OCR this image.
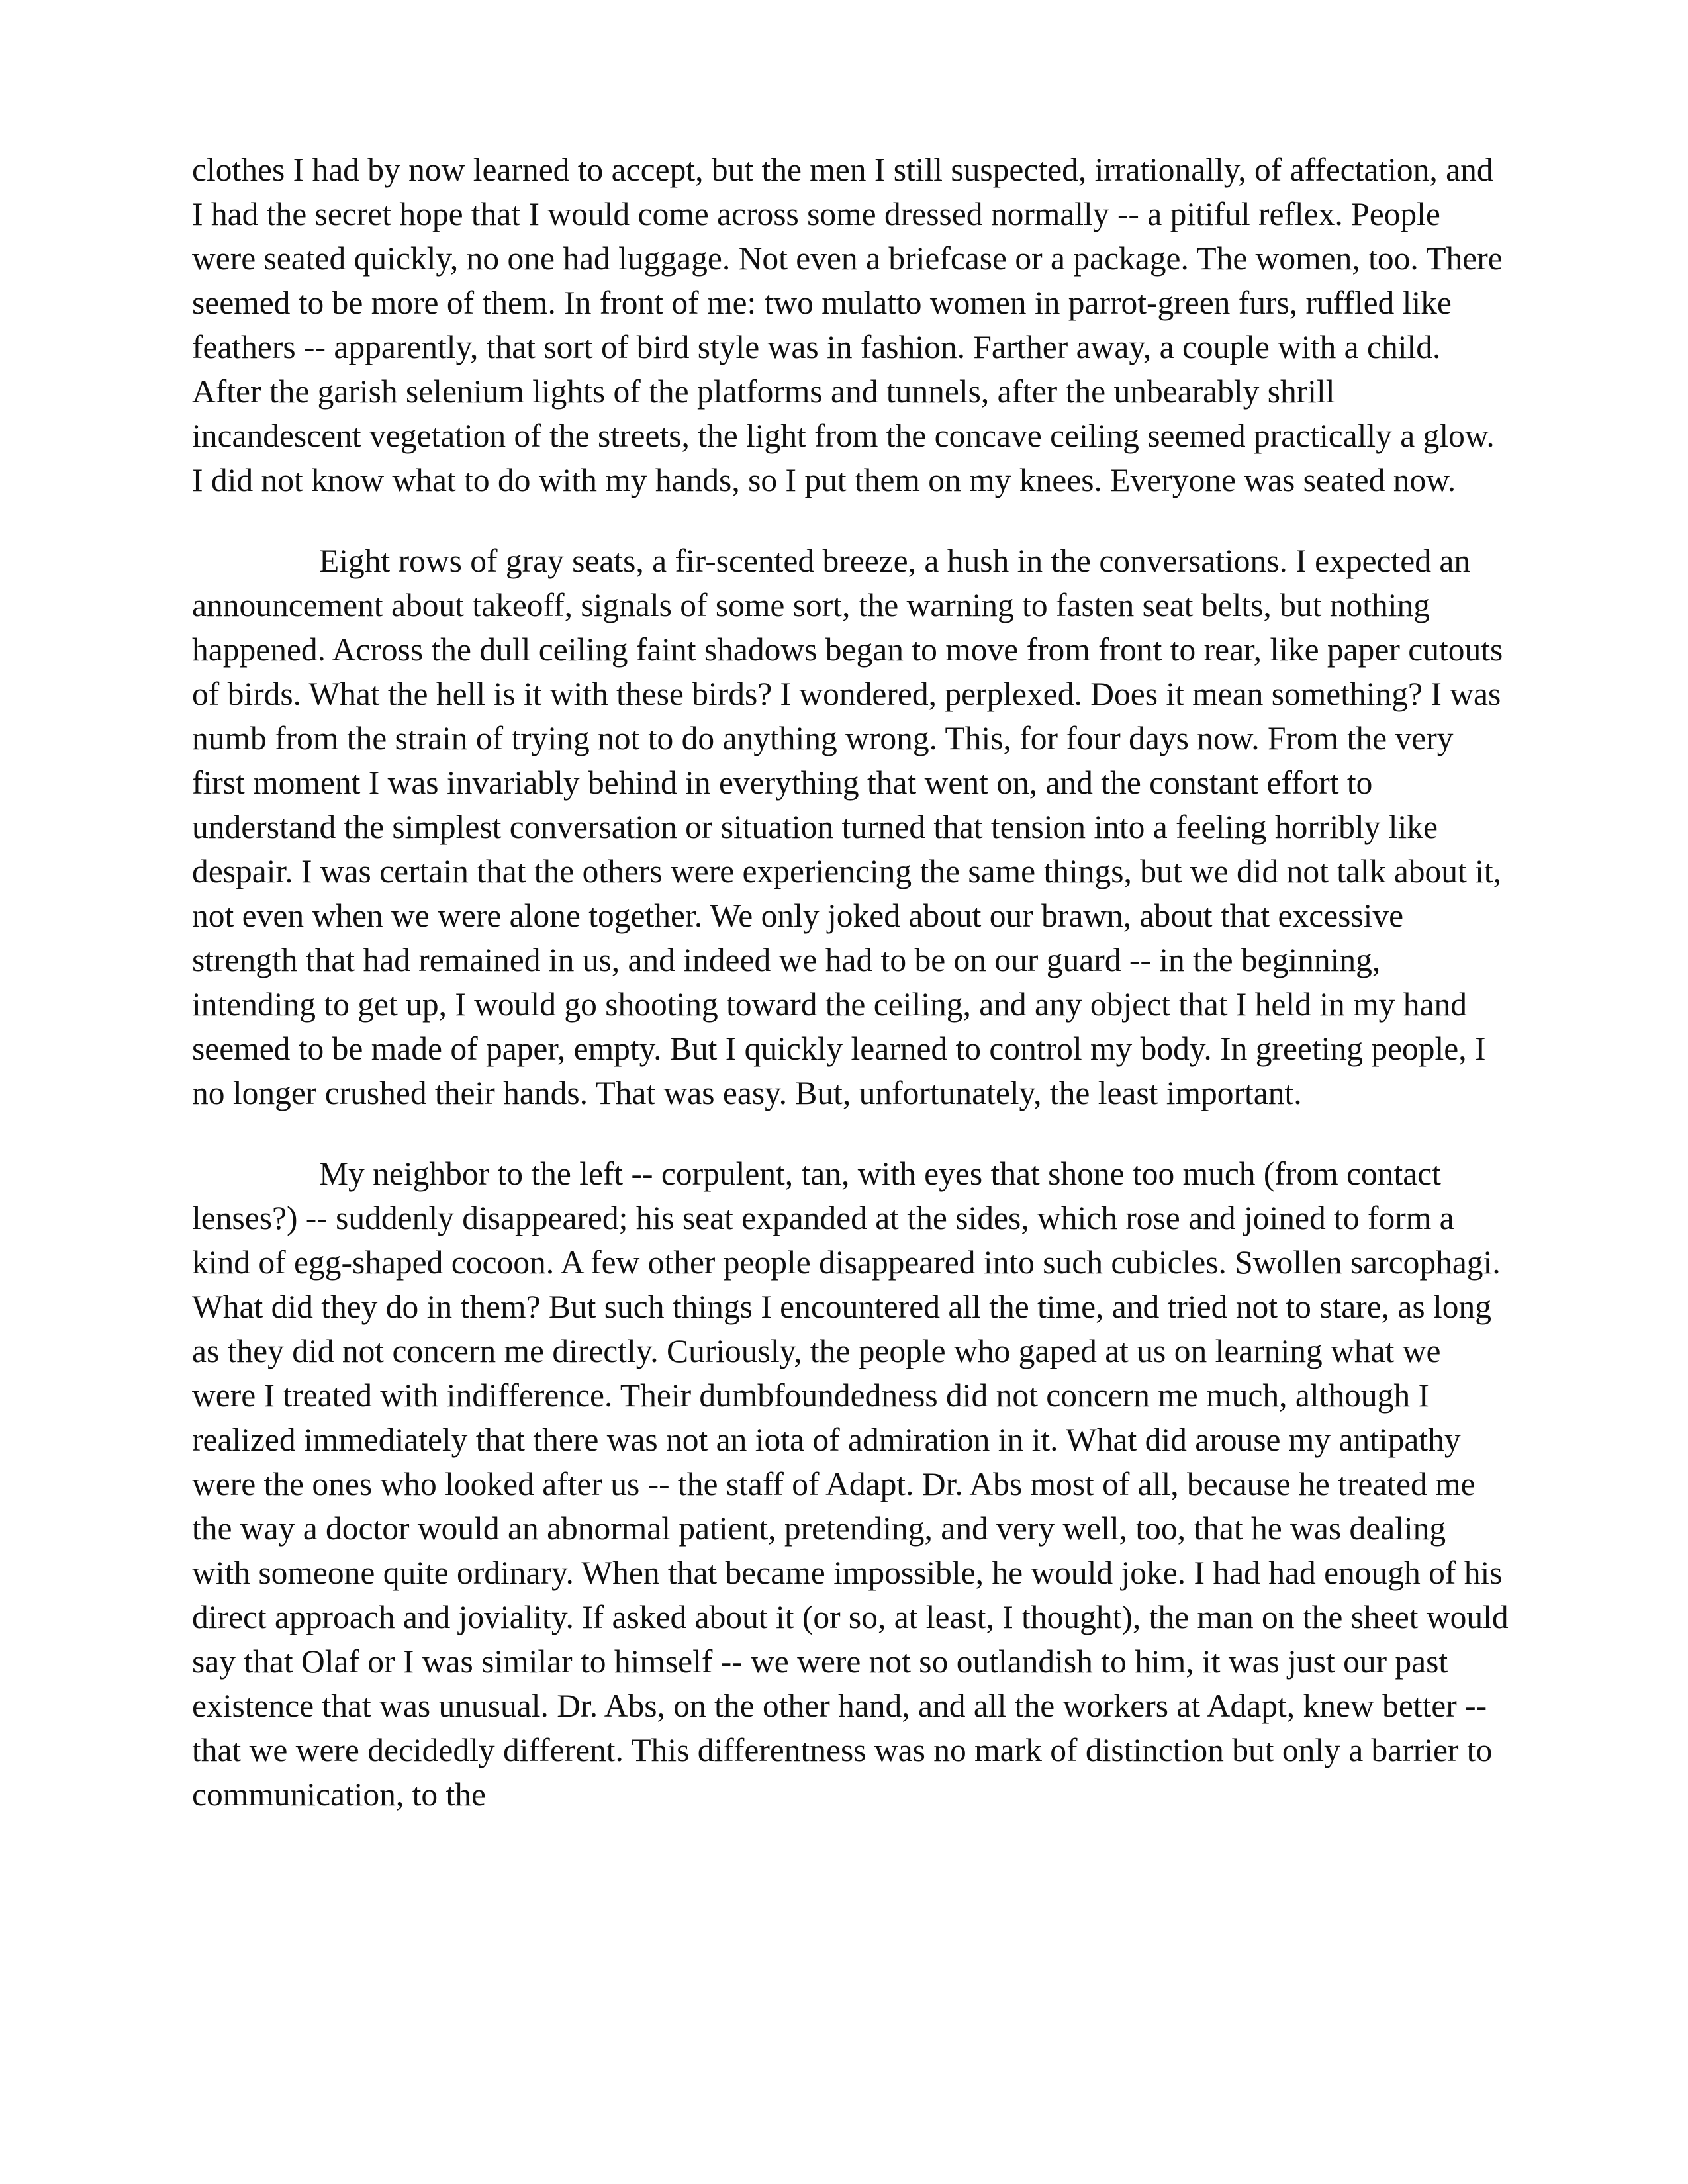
clothes I had by now learned to accept, but the men I still suspected, irrationally, of affectation, and I had the secret hope that I would come across some dressed normally -- a pitiful reflex. People were seated quickly, no one had luggage. Not even a briefcase or a package. The women, too. There seemed to be more of them. In front of me: two mulatto women in parrot-green furs, ruffled like feathers -- apparently, that sort of bird style was in fashion. Farther away, a couple with a child. After the garish selenium lights of the platforms and tunnels, after the unbearably shrill incandescent vegetation of the streets, the light from the concave ceiling seemed practically a glow. I did not know what to do with my hands, so I put them on my knees. Everyone was seated now.

Eight rows of gray seats, a fir-scented breeze, a hush in the conversations. I expected an announcement about takeoff, signals of some sort, the warning to fasten seat belts, but nothing happened. Across the dull ceiling faint shadows began to move from front to rear, like paper cutouts of birds. What the hell is it with these birds? I wondered, perplexed. Does it mean something? I was numb from the strain of trying not to do anything wrong. This, for four days now. From the very first moment I was invariably behind in everything that went on, and the constant effort to understand the simplest conversation or situation turned that tension into a feeling horribly like despair. I was certain that the others were experiencing the same things, but we did not talk about it, not even when we were alone together. We only joked about our brawn, about that excessive strength that had remained in us, and indeed we had to be on our guard -- in the beginning, intending to get up, I would go shooting toward the ceiling, and any object that I held in my hand seemed to be made of paper, empty. But I quickly learned to control my body. In greeting people, I no longer crushed their hands. That was easy. But, unfortunately, the least important.

My neighbor to the left -- corpulent, tan, with eyes that shone too much (from contact lenses?) -- suddenly disappeared; his seat expanded at the sides, which rose and joined to form a kind of egg-shaped cocoon. A few other people disappeared into such cubicles. Swollen sarcophagi. What did they do in them? But such things I encountered all the time, and tried not to stare, as long as they did not concern me directly. Curiously, the people who gaped at us on learning what we were I treated with indifference. Their dumbfoundedness did not concern me much, although I realized immediately that there was not an iota of admiration in it. What did arouse my antipathy were the ones who looked after us -- the staff of Adapt. Dr. Abs most of all, because he treated me the way a doctor would an abnormal patient, pretending, and very well, too, that he was dealing with someone quite ordinary. When that became impossible, he would joke. I had had enough of his direct approach and joviality. If asked about it (or so, at least, I thought), the man on the sheet would say that Olaf or I was similar to himself -- we were not so outlandish to him, it was just our past existence that was unusual. Dr. Abs, on the other hand, and all the workers at Adapt, knew better -- that we were decidedly different. This differentness was no mark of distinction but only a barrier to communication, to the
